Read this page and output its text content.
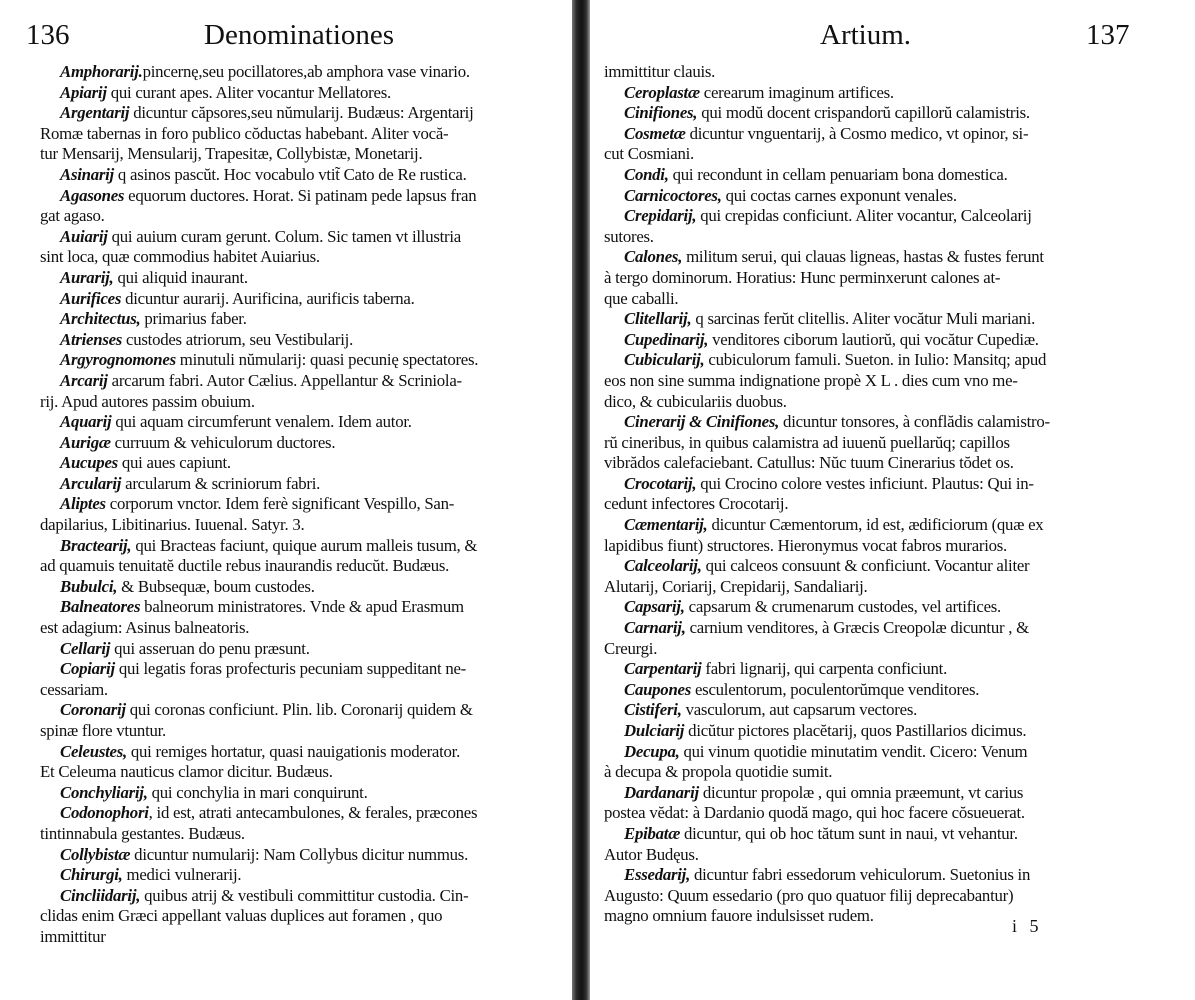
136	Denominationes
Amphorarij.pincernę,seu pocillatores,ab amphora vase vinario.
Apiarij qui curant apes. Aliter vocantur Mellatores.
Argentarij dicuntur căpsores,seu nŭmularij. Budæus: Argentarij
Romæ tabernas in foro publico cŏductas habebant. Aliter vocă-
tur Mensarij, Mensularij, Trapesitæ, Collybistæ, Monetarij.
Asinarij q asinos pascŭt. Hoc vocabulo vtit̃ Cato de Re rustica.
Agasones equorum ductores. Horat. Si patinam pede lapsus fran
gat agaso.
Auiarij qui auium curam gerunt. Colum. Sic tamen vt illustria
sint loca, quæ commodius habitet Auiarius.
Aurarij, qui aliquid inaurant.
Aurifices dicuntur aurarij. Aurificina, aurificis taberna.
Architectus, primarius faber.
Atrienses custodes atriorum, seu Vestibularij.
Argyrognomones minutuli nŭmularij: quasi pecunię spectatores.
Arcarij arcarum fabri. Autor Cælius. Appellantur & Scriniola-
rij. Apud autores passim obuium.
Aquarij qui aquam circumferunt venalem. Idem autor.
Aurigæ curruum & vehiculorum ductores.
Aucupes qui aues capiunt.
Arcularij arcularum & scriniorum fabri.
Aliptes corporum vnctor. Idem ferè significant Vespillo, San-
dapilarius, Libitinarius. Iuuenal. Satyr. 3.
Bractearij, qui Bracteas faciunt, quique aurum malleis tusum, &
ad quamuis tenuitatĕ ductile rebus inaurandis reducŭt. Budæus.
Bubulci, & Bubsequæ, boum custodes.
Balneatores balneorum ministratores. Vnde & apud Erasmum
est adagium: Asinus balneatoris.
Cellarij qui asseruan do penu præsunt.
Copiarij qui legatis foras profecturis pecuniam suppeditant ne-
cessariam.
Coronarij qui coronas conficiunt. Plin. lib. Coronarij quidem &
spinæ flore vtuntur.
Celeustes, qui remiges hortatur, quasi nauigationis moderator.
Et Celeuma nauticus clamor dicitur. Budæus.
Conchyliarij, qui conchylia in mari conquirunt.
Codonophori, id est, atrati antecambulones, & ferales, præcones
tintinnabula gestantes. Budæus.
Collybistæ dicuntur numularij: Nam Collybus dicitur nummus.
Chirurgi, medici vulnerarij.
Cincliidarij, quibus atrij & vestibuli committitur custodia. Cin-
clidas enim Græci appellant valuas duplices aut foramen , quo
immittitur
Artium.	137
immittitur clauis.
Ceroplastæ cerearum imaginum artifices.
Cinifiones, qui modŭ docent crispandorŭ capillorŭ calamistris.
Cosmetæ dicuntur vnguentarij, à Cosmo medico, vt opinor, si-
cut Cosmiani.
Condi, qui recondunt in cellam penuariam bona domestica.
Carnicoctores, qui coctas carnes exponunt venales.
Crepidarij, qui crepidas conficiunt. Aliter vocantur, Calceolarij
sutores.
Calones, militum serui, qui clauas ligneas, hastas & fustes ferunt
à tergo dominorum. Horatius: Hunc perminxerunt calones at-
que caballi.
Clitellarij, q sarcinas ferŭt clitellis. Aliter vocătur Muli mariani.
Cupedinarij, venditores ciborum lautiorŭ, qui vocătur Cupediæ.
Cubicularij, cubiculorum famuli. Sueton. in Iulio: Mansitq; apud
eos non sine summa indignatione propè X L . dies cum vno me-
dico, & cubiculariis duobus.
Cinerarij & Cinifiones, dicuntur tonsores, à conflădis calamistro-
rŭ cineribus, in quibus calamistra ad iuuenŭ puellarŭq; capillos
vibrădos calefaciebant. Catullus: Nŭc tuum Cinerarius tŏdet os.
Crocotarij, qui Crocino colore vestes inficiunt. Plautus: Qui in-
cedunt infectores Crocotarij.
Cæmentarij, dicuntur Cæmentorum, id est, ædificiorum (quæ ex
lapidibus fiunt) structores. Hieronymus vocat fabros murarios.
Calceolarij, qui calceos consuunt & conficiunt. Vocantur aliter
Alutarij, Coriarij, Crepidarij, Sandaliarij.
Capsarij, capsarum & crumenarum custodes, vel artifices.
Carnarij, carnium venditores, à Græcis Creopolæ dicuntur , &
Creurgi.
Carpentarij fabri lignarij, qui carpenta conficiunt.
Caupones esculentorum, poculentorŭmque venditores.
Cistiferi, vasculorum, aut capsarum vectores.
Dulciarij dicŭtur pictores placĕtarij, quos Pastillarios dicimus.
Decupa, qui vinum quotidie minutatim vendit. Cicero: Venum
à decupa & propola quotidie sumit.
Dardanarij dicuntur propolæ , qui omnia præemunt, vt carius
postea vĕdat: à Dardanio quodă mago, qui hoc facere cŏsueuerat.
Epibatæ dicuntur, qui ob hoc tătum sunt in naui, vt vehantur.
Autor Budęus.
Essedarij, dicuntur fabri essedorum vehiculorum. Suetonius in
Augusto: Quum essedario (pro quo quatuor filij deprecabantur)
magno omnium fauore indulsisset rudem.
i 5
